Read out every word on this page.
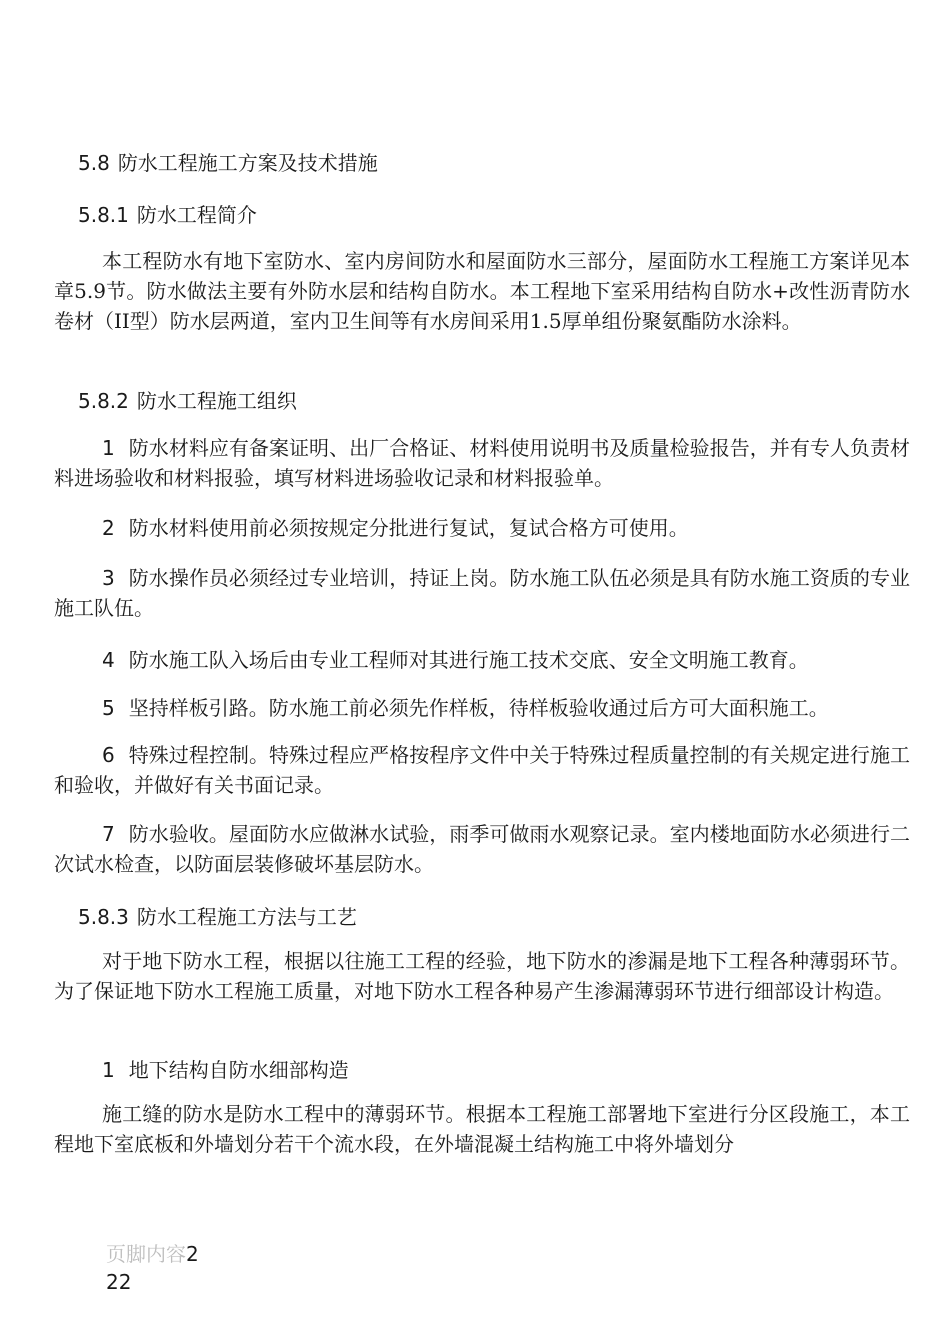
5.8 防水工程施工方案及技术措施
5.8.1 防水工程简介
本工程防水有地下室防水、室内房间防水和屋面防水三部分，屋面防水工程施工方案详见本章5.9节。防水做法主要有外防水层和结构自防水。本工程地下室采用结构自防水+改性沥青防水卷材（II型）防水层两道，室内卫生间等有水房间采用1.5厚单组份聚氨酯防水涂料。
5.8.2 防水工程施工组织
1 防水材料应有备案证明、出厂合格证、材料使用说明书及质量检验报告，并有专人负责材料进场验收和材料报验，填写材料进场验收记录和材料报验单。
2 防水材料使用前必须按规定分批进行复试，复试合格方可使用。
3 防水操作员必须经过专业培训，持证上岗。防水施工队伍必须是具有防水施工资质的专业施工队伍。
4 防水施工队入场后由专业工程师对其进行施工技术交底、安全文明施工教育。
5 坚持样板引路。防水施工前必须先作样板，待样板验收通过后方可大面积施工。
6 特殊过程控制。特殊过程应严格按程序文件中关于特殊过程质量控制的有关规定进行施工和验收，并做好有关书面记录。
7 防水验收。屋面防水应做淋水试验，雨季可做雨水观察记录。室内楼地面防水必须进行二次试水检查，以防面层装修破坏基层防水。
5.8.3 防水工程施工方法与工艺
对于地下防水工程，根据以往施工工程的经验，地下防水的渗漏是地下工程各种薄弱环节。为了保证地下防水工程施工质量，对地下防水工程各种易产生渗漏薄弱环节进行细部设计构造。
1 地下结构自防水细部构造
施工缝的防水是防水工程中的薄弱环节。根据本工程施工部署地下室进行分区段施工，本工程地下室底板和外墙划分若干个流水段，在外墙混凝土结构施工中将外墙划分
页脚内容2
22
